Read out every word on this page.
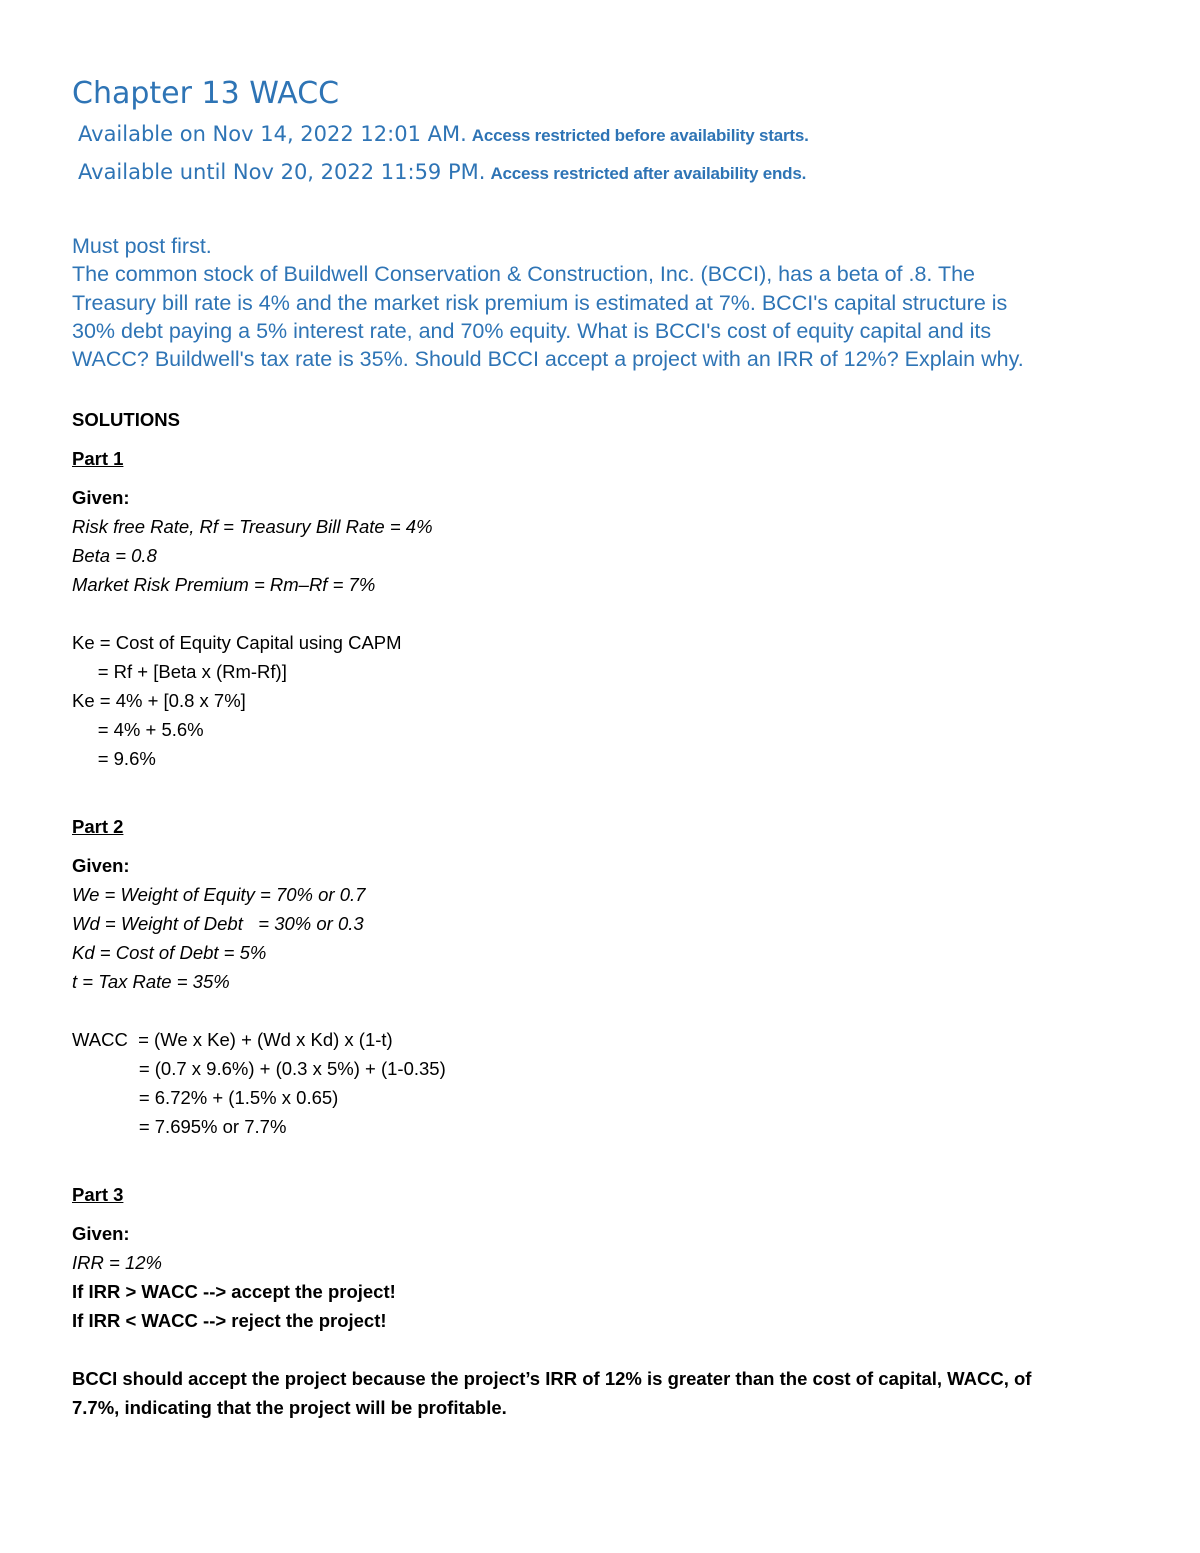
Chapter 13 WACC
Available on Nov 14, 2022 12:01 AM. Access restricted before availability starts.
Available until Nov 20, 2022 11:59 PM. Access restricted after availability ends.
Must post first.
The common stock of Buildwell Conservation & Construction, Inc. (BCCI), has a beta of .8. The
Treasury bill rate is 4% and the market risk premium is estimated at 7%. BCCI's capital structure is
30% debt paying a 5% interest rate, and 70% equity. What is BCCI's cost of equity capital and its
WACC? Buildwell's tax rate is 35%. Should BCCI accept a project with an IRR of 12%? Explain why.
SOLUTIONS
Part 1
Given:
Risk free Rate, Rf = Treasury Bill Rate = 4%
Beta = 0.8
Market Risk Premium = Rm–Rf = 7%
Ke = Cost of Equity Capital using CAPM
= Rf + [Beta x (Rm-Rf)]
Ke = 4% + [0.8 x 7%]
= 4% + 5.6%
= 9.6%
Part 2
Given:
We = Weight of Equity = 70% or 0.7
Wd = Weight of Debt   = 30% or 0.3
Kd = Cost of Debt = 5%
t = Tax Rate = 35%
WACC  = (We x Ke) + (Wd x Kd) x (1-t)
= (0.7 x 9.6%) + (0.3 x 5%) + (1-0.35)
= 6.72% + (1.5% x 0.65)
= 7.695% or 7.7%
Part 3
Given:
IRR = 12%
If IRR > WACC --> accept the project!
If IRR < WACC --> reject the project!
BCCI should accept the project because the project’s IRR of 12% is greater than the cost of capital, WACC, of
7.7%, indicating that the project will be profitable.
